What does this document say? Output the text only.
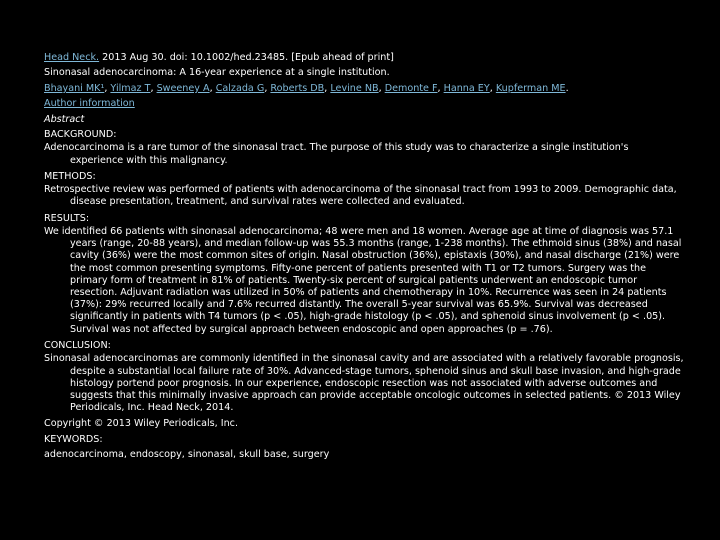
Head Neck. 2013 Aug 30. doi: 10.1002/hed.23485. [Epub ahead of print]
Sinonasal adenocarcinoma: A 16-year experience at a single institution.
Bhayani MK¹, Yilmaz T, Sweeney A, Calzada G, Roberts DB, Levine NB, Demonte F, Hanna EY, Kupferman ME.
Author information
Abstract
BACKGROUND:
Adenocarcinoma is a rare tumor of the sinonasal tract. The purpose of this study was to characterize a single institution's experience with this malignancy.
METHODS:
Retrospective review was performed of patients with adenocarcinoma of the sinonasal tract from 1993 to 2009. Demographic data, disease presentation, treatment, and survival rates were collected and evaluated.
RESULTS:
We identified 66 patients with sinonasal adenocarcinoma; 48 were men and 18 women. Average age at time of diagnosis was 57.1 years (range, 20-88 years), and median follow-up was 55.3 months (range, 1-238 months). The ethmoid sinus (38%) and nasal cavity (36%) were the most common sites of origin. Nasal obstruction (36%), epistaxis (30%), and nasal discharge (21%) were the most common presenting symptoms. Fifty-one percent of patients presented with T1 or T2 tumors. Surgery was the primary form of treatment in 81% of patients. Twenty-six percent of surgical patients underwent an endoscopic tumor resection. Adjuvant radiation was utilized in 50% of patients and chemotherapy in 10%. Recurrence was seen in 24 patients (37%): 29% recurred locally and 7.6% recurred distantly. The overall 5-year survival was 65.9%. Survival was decreased significantly in patients with T4 tumors (p < .05), high-grade histology (p < .05), and sphenoid sinus involvement (p < .05). Survival was not affected by surgical approach between endoscopic and open approaches (p = .76).
CONCLUSION:
Sinonasal adenocarcinomas are commonly identified in the sinonasal cavity and are associated with a relatively favorable prognosis, despite a substantial local failure rate of 30%. Advanced-stage tumors, sphenoid sinus and skull base invasion, and high-grade histology portend poor prognosis. In our experience, endoscopic resection was not associated with adverse outcomes and suggests that this minimally invasive approach can provide acceptable oncologic outcomes in selected patients. © 2013 Wiley Periodicals, Inc. Head Neck, 2014.
Copyright © 2013 Wiley Periodicals, Inc.
KEYWORDS:
adenocarcinoma, endoscopy, sinonasal, skull base, surgery
